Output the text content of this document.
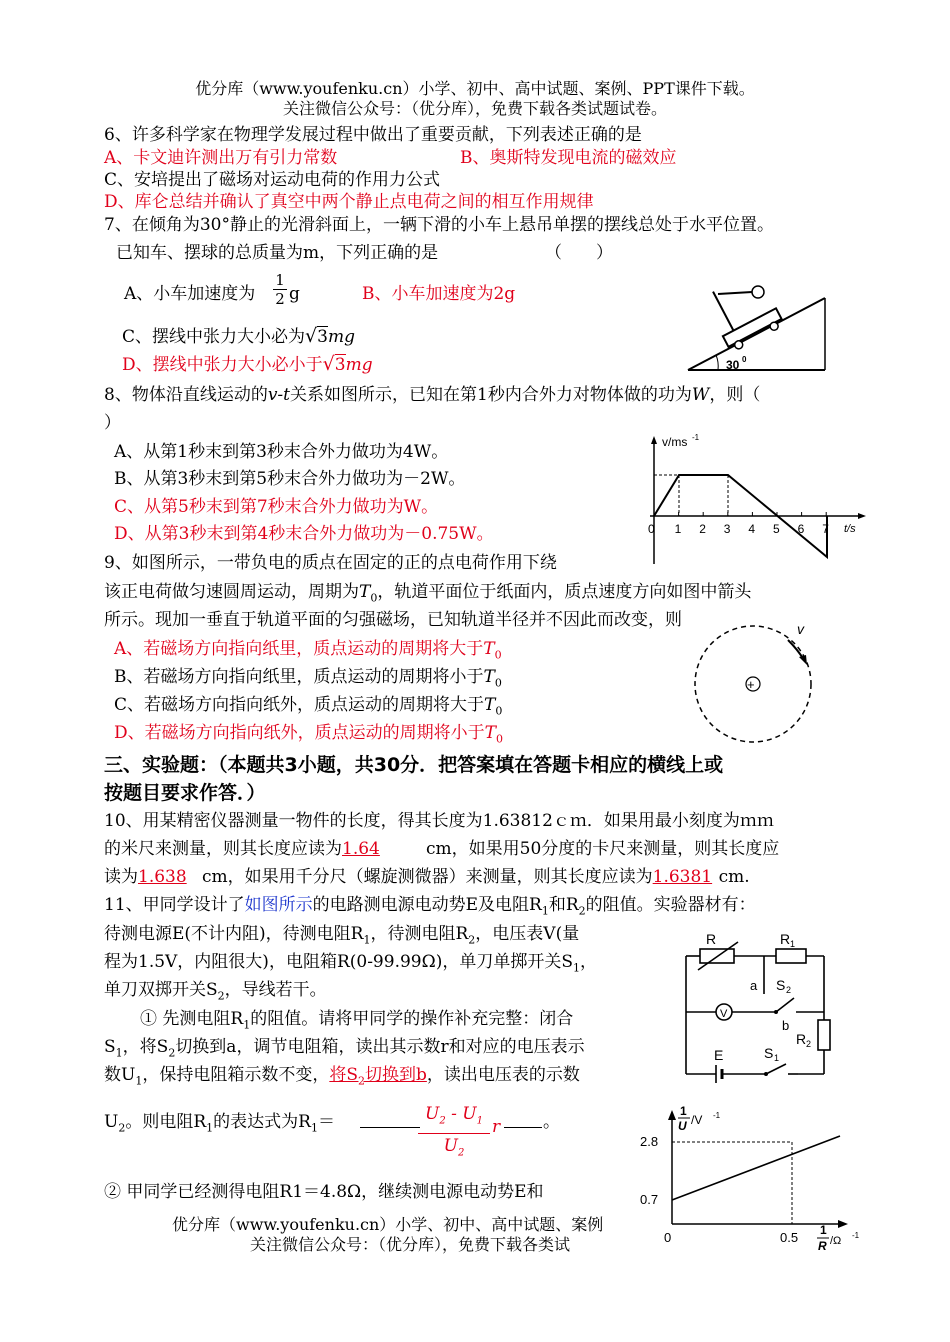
优分库（www.youfenku.cn）小学、初中、高中试题、案例、PPT课件下载。
关注微信公众号：（优分库），免费下载各类试题试卷。
6、许多科学家在物理学发展过程中做出了重要贡献，下列表述正确的是
A、卡文迪许测出万有引力常数	B、奥斯特发现电流的磁效应
C、安培提出了磁场对运动电荷的作用力公式
D、库仑总结并确认了真空中两个静止点电荷之间的相互作用规律
7、在倾角为30°静止的光滑斜面上，一辆下滑的小车上悬吊单摆的摆线总处于水平位置。
已知车、摆球的总质量为m，下列正确的是	（　　）
A、小车加速度为 $\frac{1}{2}$ g	B、小车加速度为2g
C、摆线中张力大小必为√3mg
D、摆线中张力大小必小于√3mg	30 0
8、物体沿直线运动的v-t关系如图所示，已知在第1秒内合外力对物体做的功为W，则（
）
A、从第1秒末到第3秒末合外力做功为4W。
B、从第3秒末到第5秒末合外力做功为－2W。
C、从第5秒末到第7秒末合外力做功为W。
D、从第3秒末到第4秒末合外力做功为－0.75W。
v/ms -1
t/s
0 1 2 3 4 5 6 7
9、如图所示，一带负电的质点在固定的正的点电荷作用下绕
该正电荷做匀速圆周运动，周期为$T_0$，轨道平面位于纸面内，质点速度方向如图中箭头
所示。现加一垂直于轨道平面的匀强磁场，已知轨道半径并不因此而改变，则
A、若磁场方向指向纸里，质点运动的周期将大于$T_0$
B、若磁场方向指向纸里，质点运动的周期将小于$T_0$
C、若磁场方向指向纸外，质点运动的周期将大于$T_0$
D、若磁场方向指向纸外，质点运动的周期将小于$T_0$
+
v
三、实验题：（本题共3小题，共30分．把答案填在答题卡相应的横线上或
按题目要求作答．）
10、用某精密仪器测量一物件的长度，得其长度为1.63812ｃｍ．如果用最小刻度为ｍｍ
的米尺来测量，则其长度应读为1.64	cm，如果用50分度的卡尺来测量，则其长度应
读为1.638 cm，如果用千分尺（螺旋测微器）来测量，则其长度应读为1.6381 cm.
11、甲同学设计了如图所示的电路测电源电动势E及电阻$R_1$和$R_2$的阻值。实验器材有：
待测电源E(不计内阻)，待测电阻$R_1$，待测电阻$R_2$，电压表V(量
程为1.5V，内阻很大)，电阻箱R(0-99.99Ω)，单刀单掷开关$S_1$，
单刀双掷开关$S_2$，导线若干。
① 先测电阻$R_1$的阻值。请将甲同学的操作补充完整：闭合
$S_1$，将$S_2$切换到a，调节电阻箱，读出其示数r和对应的电压表示
数$U_1$，保持电阻箱示数不变，将$S_2$切换到b，读出电压表的示数
$U_2$。则电阻$R_1$的表达式为$R_1=$	$\frac{U_2 - U_1}{U_2}$ r	。
② 甲同学已经测得电阻R1＝4.8Ω，继续测电源电动势E和
R	R 1
a S 2
b
V
R 2
E	S 1
1
U /V -1
2.8
0.7
0	0.5 1
R /Ω -1
优分库（www.youfenku.cn）小学、初中、高中试题、案例
关注微信公众号：（优分库），免费下载各类试
